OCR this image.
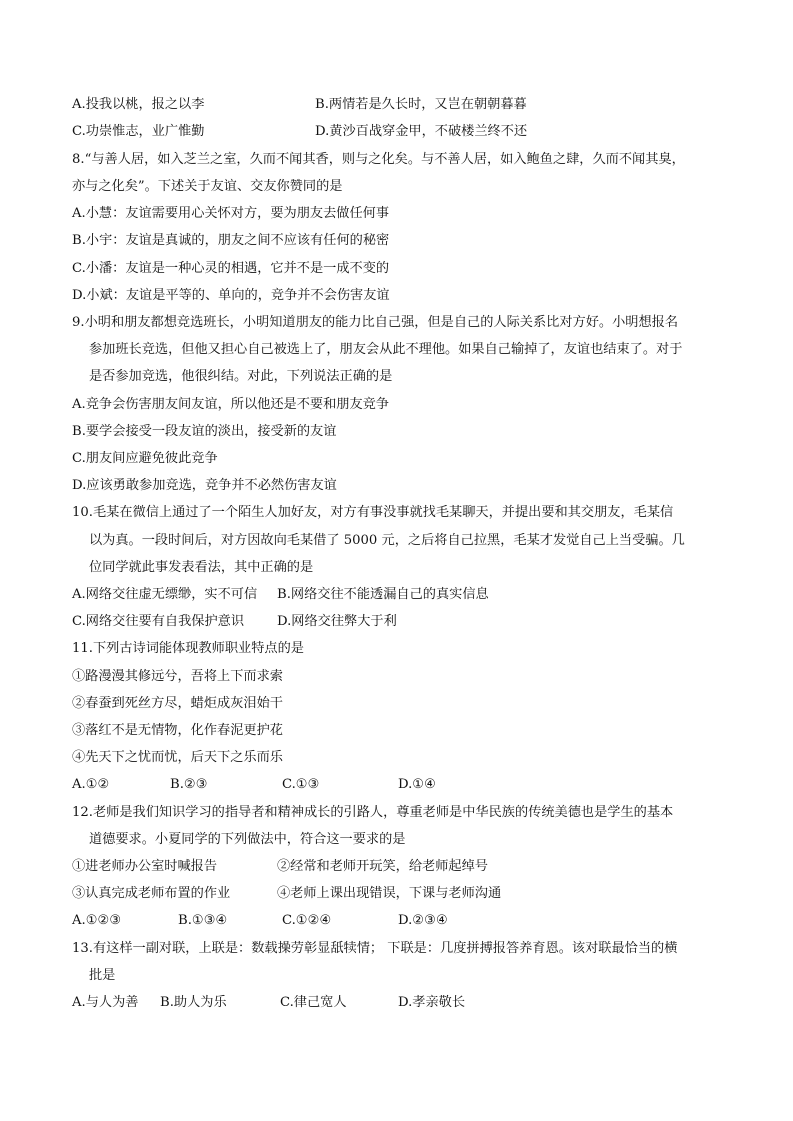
A.投我以桃，报之以李	B.两情若是久长时，又岂在朝朝暮暮
C.功崇惟志，业广惟勤	D.黄沙百战穿金甲，不破楼兰终不还
8.“与善人居，如入芝兰之室，久而不闻其香，则与之化矣。与不善人居，如入鲍鱼之肆，久而不闻其臭，
亦与之化矣”。下述关于友谊、交友你赞同的是
A.小慧：友谊需要用心关怀对方，要为朋友去做任何事
B.小宇：友谊是真诚的，朋友之间不应该有任何的秘密
C.小潘：友谊是一种心灵的相遇，它并不是一成不变的
D.小斌：友谊是平等的、单向的，竞争并不会伤害友谊
9.小明和朋友都想竞选班长，小明知道朋友的能力比自己强，但是自己的人际关系比对方好。小明想报名
参加班长竞选，但他又担心自己被选上了，朋友会从此不理他。如果自己输掉了，友谊也结束了。对于
是否参加竞选，他很纠结。对此，下列说法正确的是
A.竞争会伤害朋友间友谊，所以他还是不要和朋友竞争
B.要学会接受一段友谊的淡出，接受新的友谊
C.朋友间应避免彼此竞争
D.应该勇敢参加竞选，竞争并不必然伤害友谊
10.毛某在微信上通过了一个陌生人加好友，对方有事没事就找毛某聊天，并提出要和其交朋友，毛某信
以为真。一段时间后，对方因故向毛某借了 5000 元，之后将自己拉黑，毛某才发觉自己上当受骗。几
位同学就此事发表看法，其中正确的是
A.网络交往虚无缥缈，实不可信 B.网络交往不能透漏自己的真实信息
C.网络交往要有自我保护意识 D.网络交往弊大于利
11.下列古诗词能体现教师职业特点的是
①路漫漫其修远兮，吾将上下而求索
②春蚕到死丝方尽，蜡炬成灰泪始干
③落红不是无情物，化作春泥更护花
④先天下之忧而忧，后天下之乐而乐
A.①②	B.②③	C.①③	D.①④
12.老师是我们知识学习的指导者和精神成长的引路人，尊重老师是中华民族的传统美德也是学生的基本
道德要求。小夏同学的下列做法中，符合这一要求的是
①进老师办公室时喊报告	②经常和老师开玩笑，给老师起绰号
③认真完成老师布置的作业	④老师上课出现错误，下课与老师沟通
A.①②③	B.①③④	C.①②④	D.②③④
13.有这样一副对联，上联是：数载操劳彰显舐犊情； 下联是：几度拼搏报答养育恩。该对联最恰当的横
批是
A.与人为善 B.助人为乐	C.律己宽人	D.孝亲敬长
